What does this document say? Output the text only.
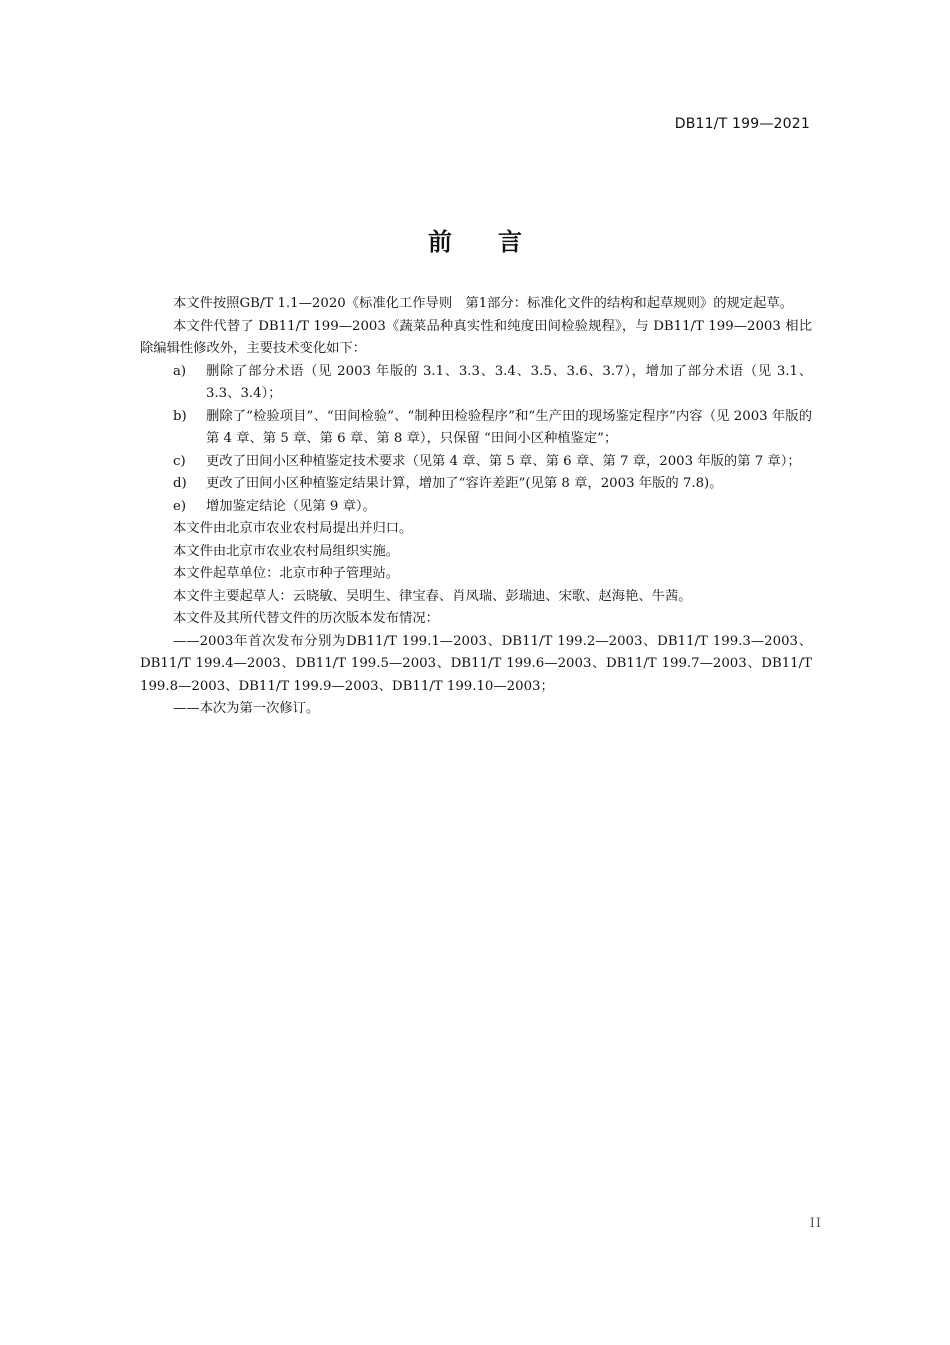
DB11/T 199—2021
前言

本文件按照GB/T 1.1—2020《标准化工作导则　第1部分：标准化文件的结构和起草规则》的规定起草。

本文件代替了 DB11/T 199—2003《蔬菜品种真实性和纯度田间检验规程》，与 DB11/T 199—2003 相比除编辑性修改外，主要技术变化如下：

a) 删除了部分术语（见 2003 年版的 3.1、3.3、3.4、3.5、3.6、3.7），增加了部分术语（见 3.1、3.3、3.4）；
b) 删除了“检验项目”、“田间检验”、“制种田检验程序”和“生产田的现场鉴定程序”内容（见 2003 年版的第 4 章、第 5 章、第 6 章、第 8 章），只保留 “田间小区种植鉴定”；
c) 更改了田间小区种植鉴定技术要求（见第 4 章、第 5 章、第 6 章、第 7 章，2003 年版的第 7 章）；
d) 更改了田间小区种植鉴定结果计算，增加了“容许差距”(见第 8 章，2003 年版的 7.8)。
e) 增加鉴定结论（见第 9 章）。

本文件由北京市农业农村局提出并归口。

本文件由北京市农业农村局组织实施。

本文件起草单位：北京市种子管理站。

本文件主要起草人：云晓敏、吴明生、律宝春、肖凤瑞、彭瑞迪、宋歌、赵海艳、牛茜。

本文件及其所代替文件的历次版本发布情况：

——2003年首次发布分别为DB11/T 199.1—2003、DB11/T 199.2—2003、DB11/T 199.3—2003、DB11/T 199.4—2003、DB11/T 199.5—2003、DB11/T 199.6—2003、DB11/T 199.7—2003、DB11/T 199.8—2003、DB11/T 199.9—2003、DB11/T 199.10—2003；

——本次为第一次修订。

II
